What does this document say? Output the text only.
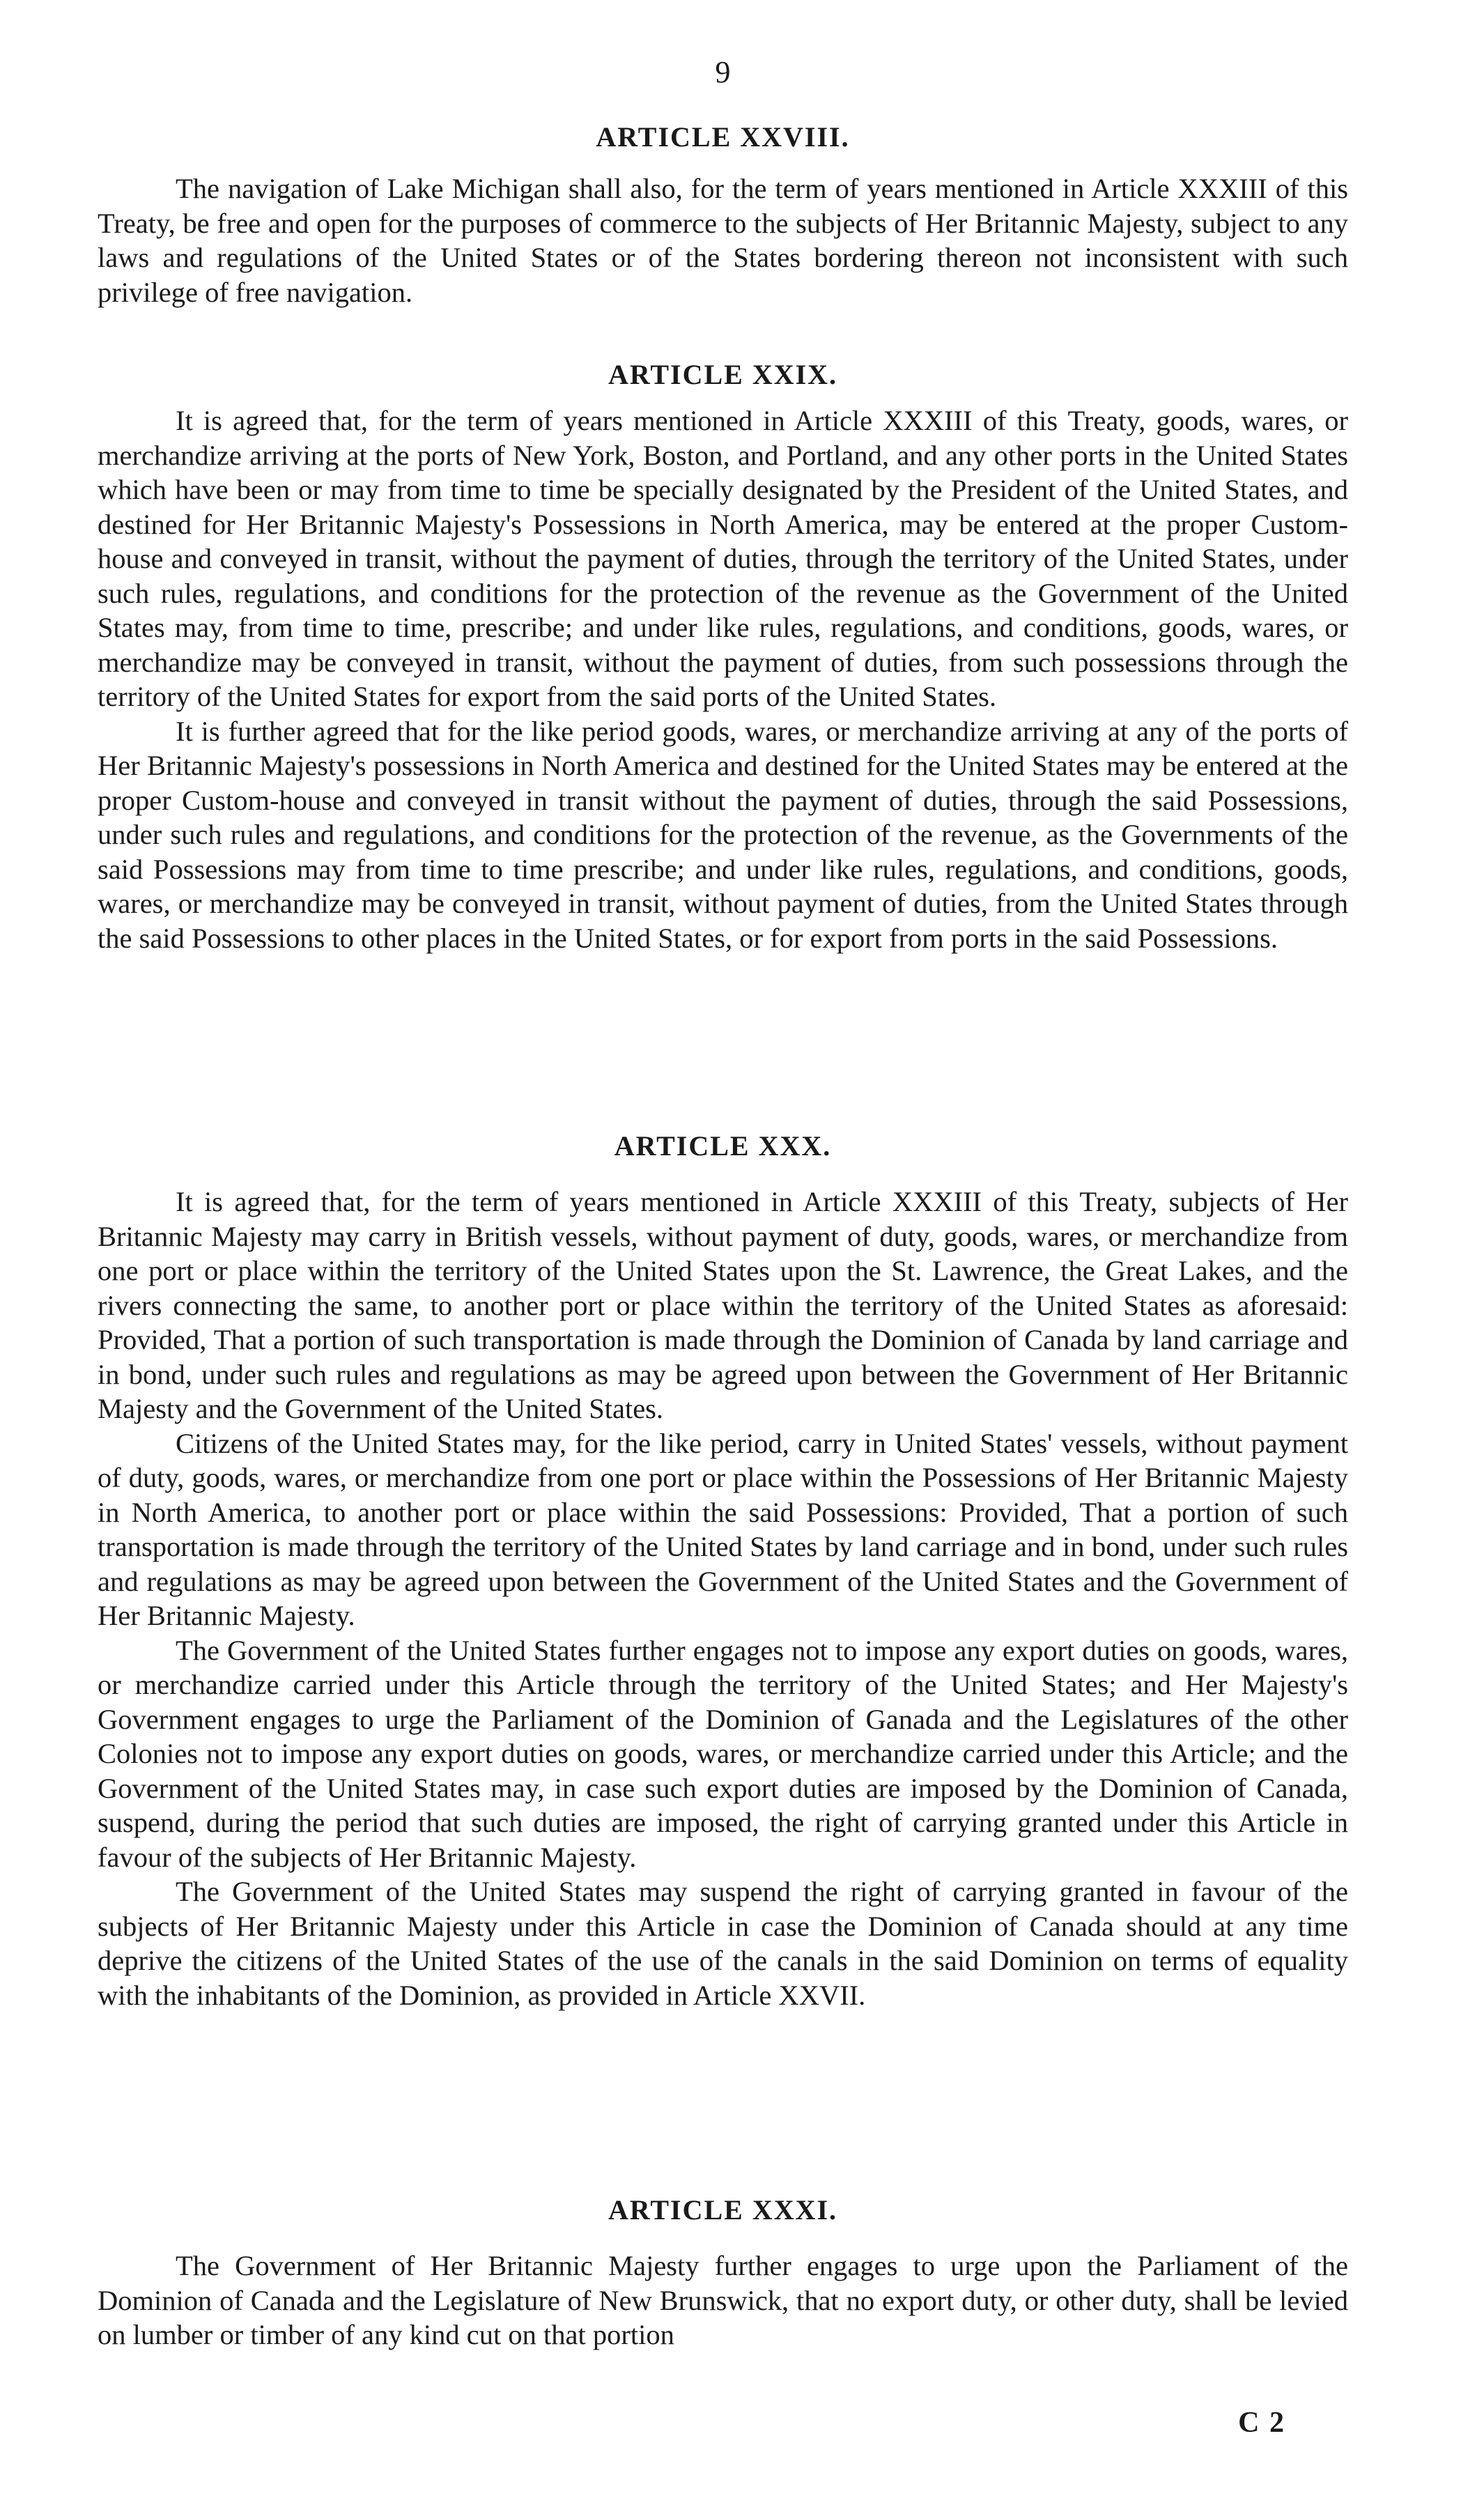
9
ARTICLE XXVIII.

The navigation of Lake Michigan shall also, for the term of years mentioned in Article XXXIII of this Treaty, be free and open for the purposes of commerce to the subjects of Her Britannic Majesty, subject to any laws and regulations of the United States or of the States bordering thereon not inconsistent with such privilege of free navigation.

ARTICLE XXIX.

It is agreed that, for the term of years mentioned in Article XXXIII of this Treaty, goods, wares, or merchandize arriving at the ports of New York, Boston, and Portland, and any other ports in the United States which have been or may from time to time be specially designated by the President of the United States, and destined for Her Britannic Majesty's Possessions in North America, may be entered at the proper Custom-house and conveyed in transit, without the payment of duties, through the territory of the United States, under such rules, regulations, and conditions for the protection of the revenue as the Government of the United States may, from time to time, prescribe; and under like rules, regulations, and conditions, goods, wares, or merchandize may be conveyed in transit, without the payment of duties, from such possessions through the territory of the United States for export from the said ports of the United States.

It is further agreed that for the like period goods, wares, or merchandize arriving at any of the ports of Her Britannic Majesty's possessions in North America and destined for the United States may be entered at the proper Custom-house and conveyed in transit without the payment of duties, through the said Possessions, under such rules and regulations, and conditions for the protection of the revenue, as the Governments of the said Possessions may from time to time prescribe; and under like rules, regulations, and conditions, goods, wares, or merchandize may be conveyed in transit, without payment of duties, from the United States through the said Possessions to other places in the United States, or for export from ports in the said Possessions.

ARTICLE XXX.

It is agreed that, for the term of years mentioned in Article XXXIII of this Treaty, subjects of Her Britannic Majesty may carry in British vessels, without payment of duty, goods, wares, or merchandize from one port or place within the territory of the United States upon the St. Lawrence, the Great Lakes, and the rivers connecting the same, to another port or place within the territory of the United States as aforesaid: Provided, That a portion of such transportation is made through the Dominion of Canada by land carriage and in bond, under such rules and regulations as may be agreed upon between the Government of Her Britannic Majesty and the Government of the United States.

Citizens of the United States may, for the like period, carry in United States' vessels, without payment of duty, goods, wares, or merchandize from one port or place within the Possessions of Her Britannic Majesty in North America, to another port or place within the said Possessions: Provided, That a portion of such transportation is made through the territory of the United States by land carriage and in bond, under such rules and regulations as may be agreed upon between the Government of the United States and the Government of Her Britannic Majesty.

The Government of the United States further engages not to impose any export duties on goods, wares, or merchandize carried under this Article through the territory of the United States; and Her Majesty's Government engages to urge the Parliament of the Dominion of Ganada and the Legislatures of the other Colonies not to impose any export duties on goods, wares, or merchandize carried under this Article; and the Government of the United States may, in case such export duties are imposed by the Dominion of Canada, suspend, during the period that such duties are imposed, the right of carrying granted under this Article in favour of the subjects of Her Britannic Majesty.

The Government of the United States may suspend the right of carrying granted in favour of the subjects of Her Britannic Majesty under this Article in case the Dominion of Canada should at any time deprive the citizens of the United States of the use of the canals in the said Dominion on terms of equality with the inhabitants of the Dominion, as provided in Article XXVII.

ARTICLE XXXI.

The Government of Her Britannic Majesty further engages to urge upon the Parliament of the Dominion of Canada and the Legislature of New Brunswick, that no export duty, or other duty, shall be levied on lumber or timber of any kind cut on that portion

C 2
